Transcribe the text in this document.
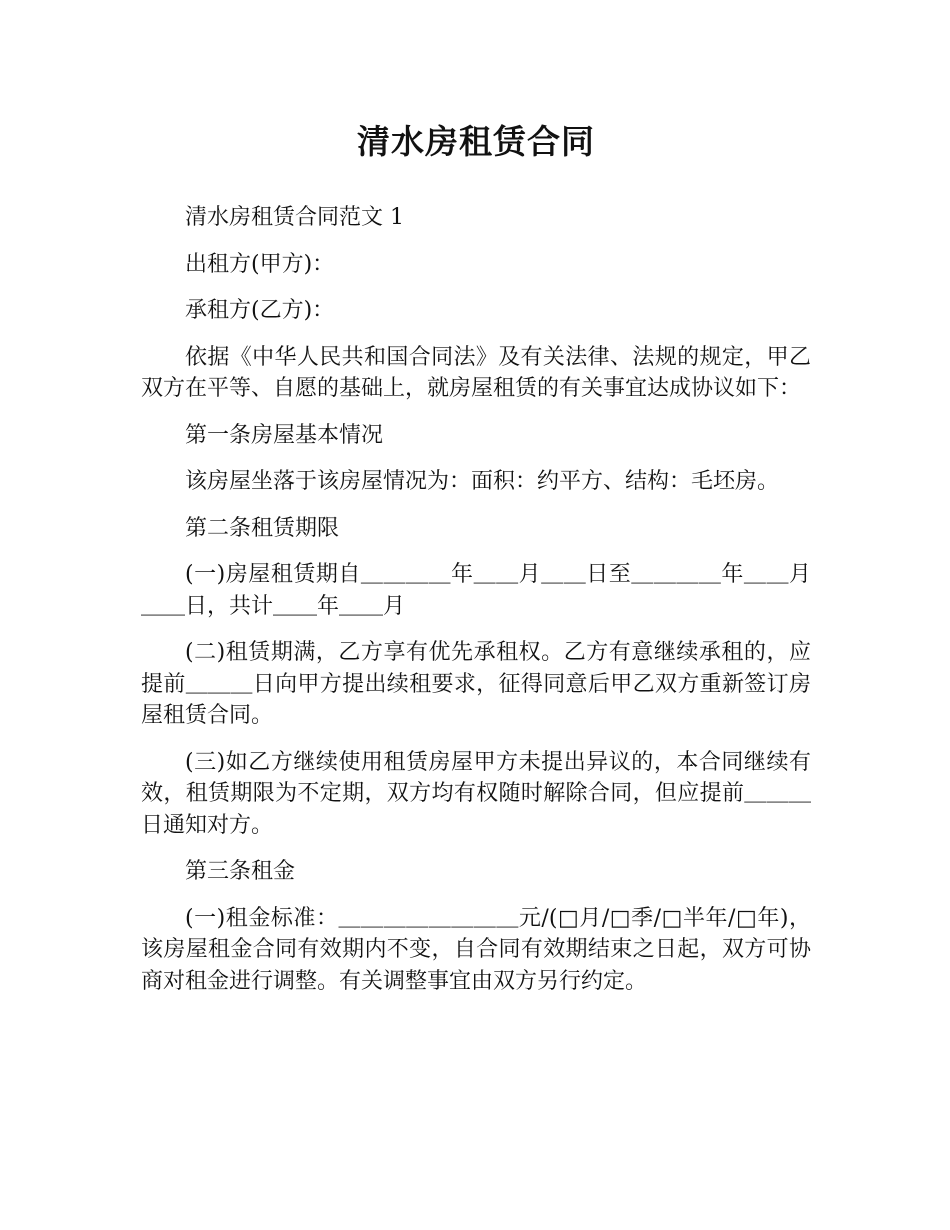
清水房租赁合同

清水房租赁合同范文 1

出租方(甲方)：

承租方(乙方)：

依据《中华人民共和国合同法》及有关法律、法规的规定，甲乙双方在平等、自愿的基础上，就房屋租赁的有关事宜达成协议如下：

第一条房屋基本情况

该房屋坐落于该房屋情况为：面积：约平方、结构：毛坯房。

第二条租赁期限

(一)房屋租赁期自＿＿＿＿年＿＿月＿＿日至＿＿＿＿年＿＿月＿＿日，共计＿＿年＿＿月

(二)租赁期满，乙方享有优先承租权。乙方有意继续承租的，应提前＿＿＿日向甲方提出续租要求，征得同意后甲乙双方重新签订房屋租赁合同。

(三)如乙方继续使用租赁房屋甲方未提出异议的，本合同继续有效，租赁期限为不定期，双方均有权随时解除合同，但应提前＿＿＿日通知对方。

第三条租金

(一)租金标准：＿＿＿＿＿＿＿＿元/(□月/□季/□半年/□年)，该房屋租金合同有效期内不变，自合同有效期结束之日起，双方可协商对租金进行调整。有关调整事宜由双方另行约定。
